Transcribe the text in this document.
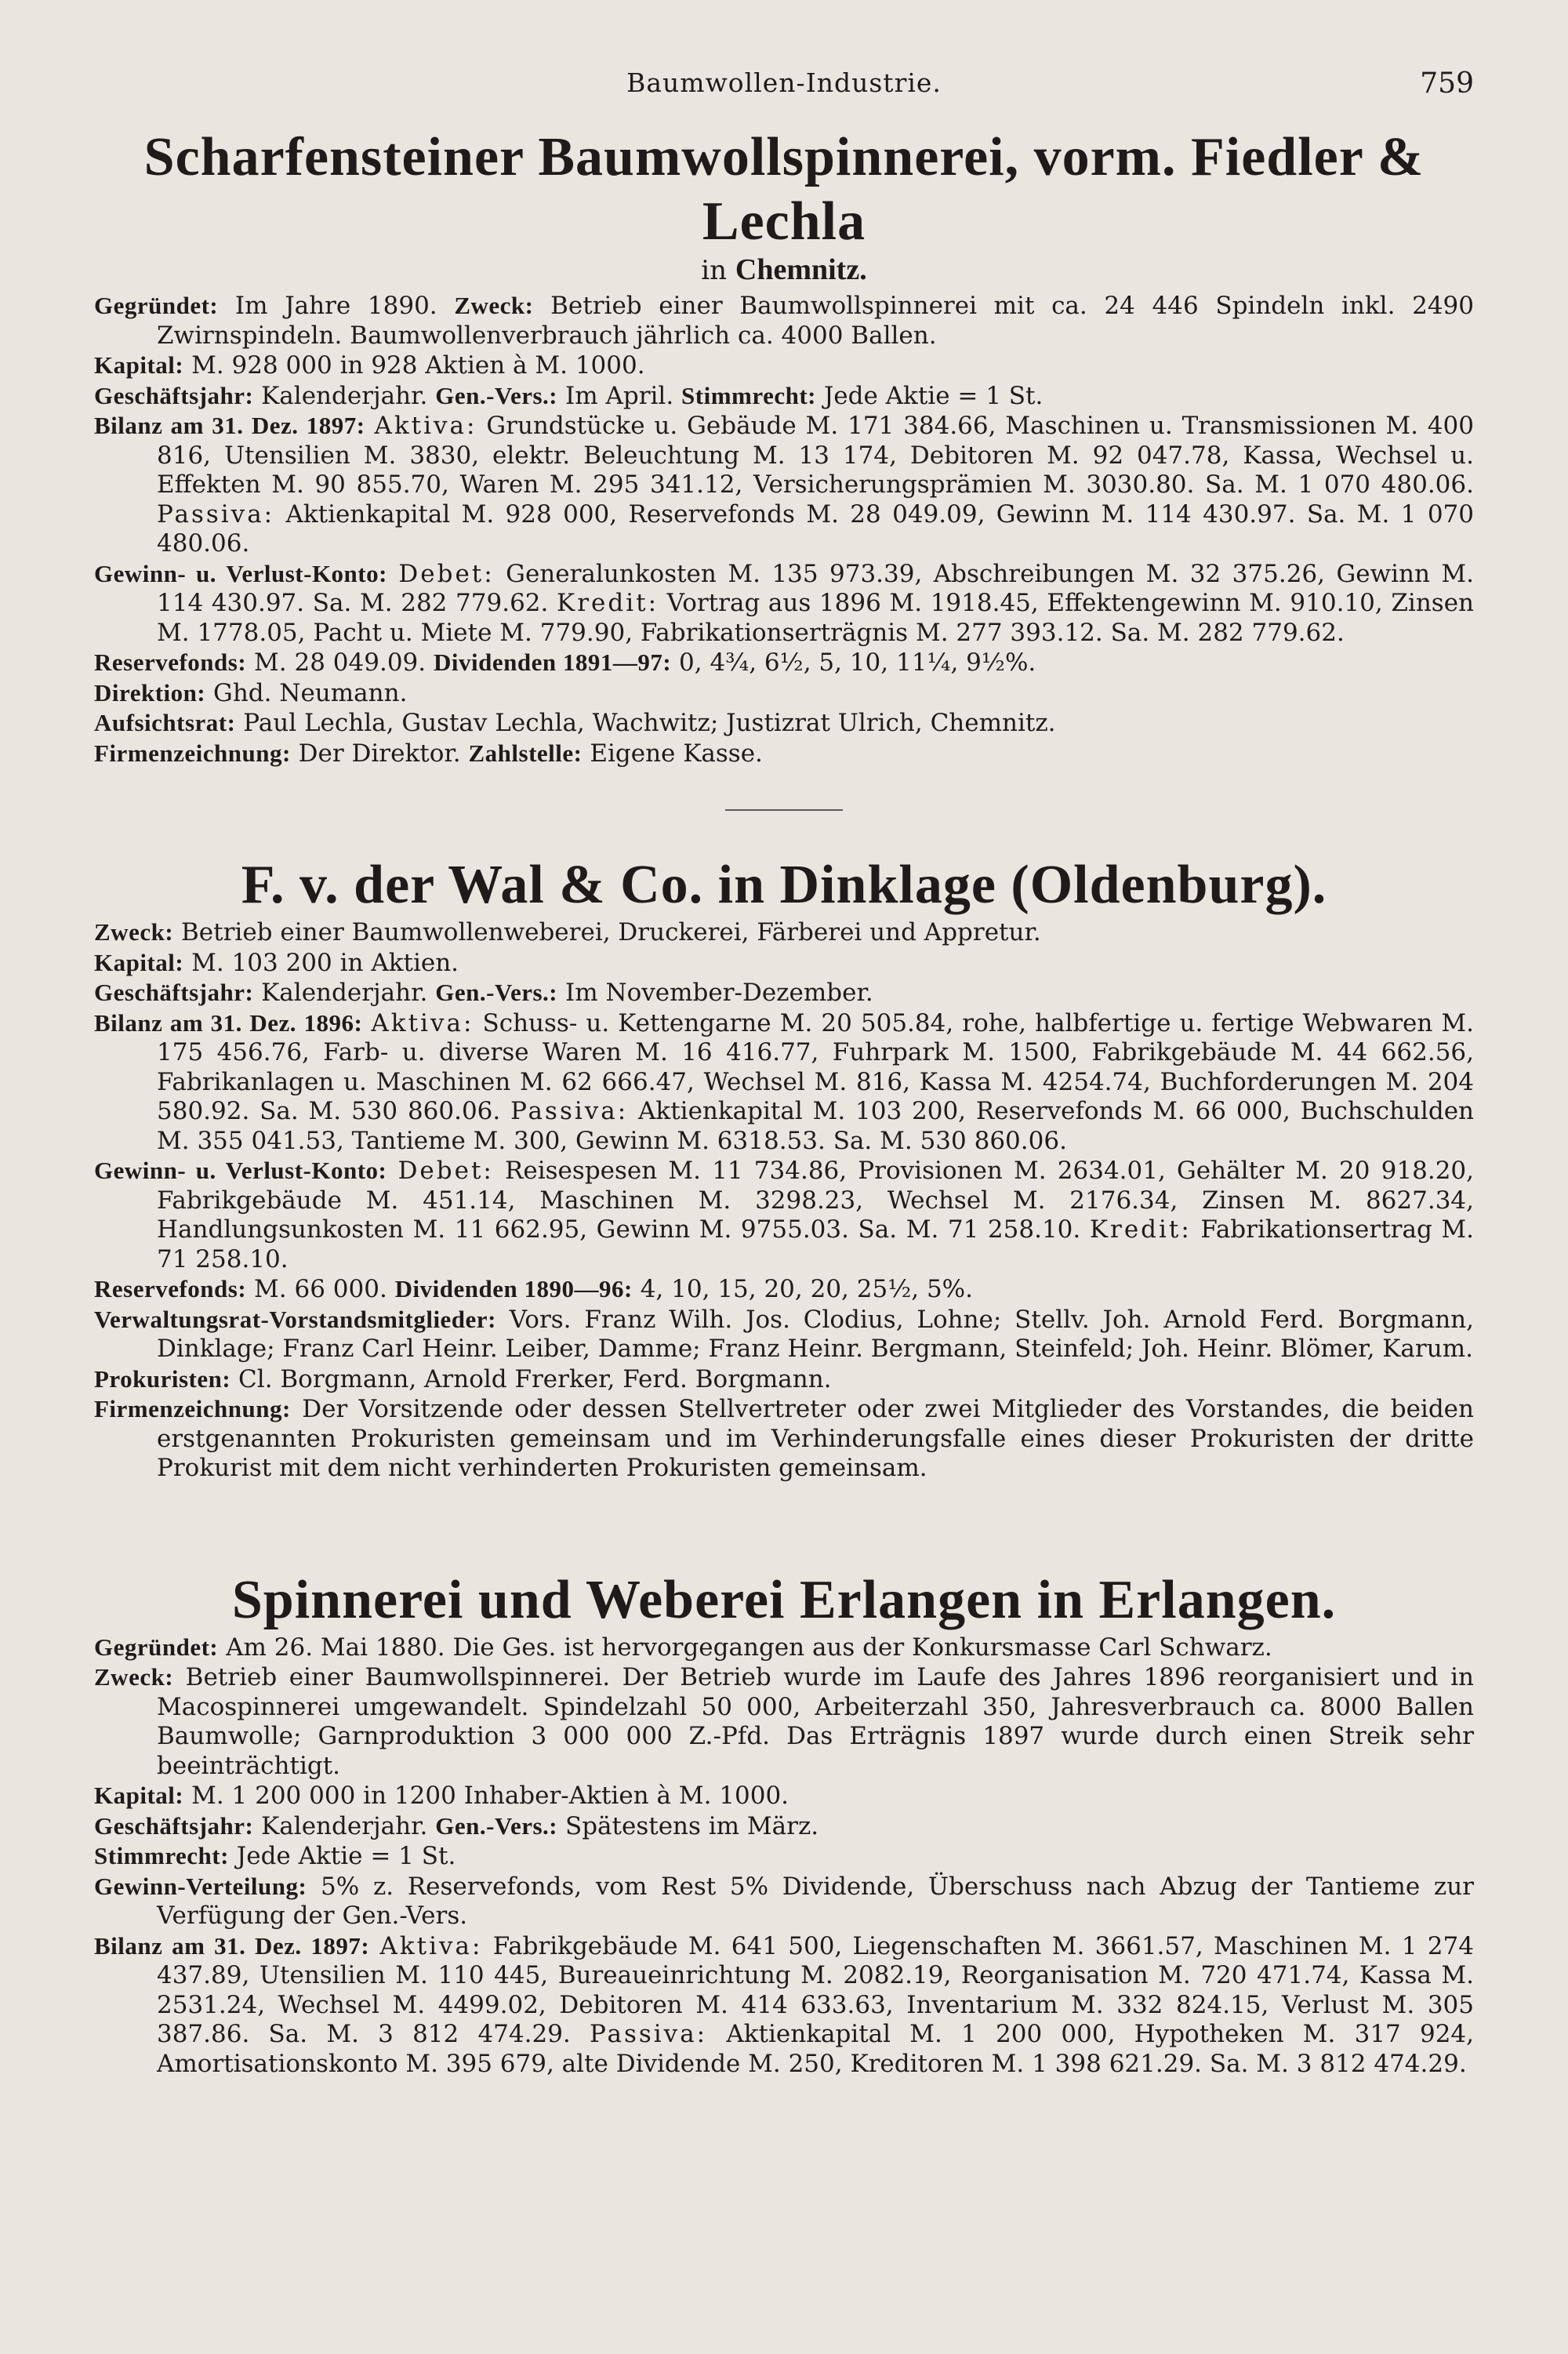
Baumwollen-Industrie.	759
Scharfensteiner Baumwollspinnerei, vorm. Fiedler & Lechla

in Chemnitz.

Gegründet: Im Jahre 1890. Zweck: Betrieb einer Baumwollspinnerei mit ca. 24 446 Spindeln inkl. 2490 Zwirnspindeln. Baumwollenverbrauch jährlich ca. 4000 Ballen.

Kapital: M. 928 000 in 928 Aktien à M. 1000.

Geschäftsjahr: Kalenderjahr. Gen.-Vers.: Im April. Stimmrecht: Jede Aktie = 1 St.

Bilanz am 31. Dez. 1897: Aktiva: Grundstücke u. Gebäude M. 171 384.66, Maschinen u. Transmissionen M. 400 816, Utensilien M. 3830, elektr. Beleuchtung M. 13 174, Debitoren M. 92 047.78, Kassa, Wechsel u. Effekten M. 90 855.70, Waren M. 295 341.12, Versicherungsprämien M. 3030.80. Sa. M. 1 070 480.06. Passiva: Aktienkapital M. 928 000, Reservefonds M. 28 049.09, Gewinn M. 114 430.97. Sa. M. 1 070 480.06.

Gewinn- u. Verlust-Konto: Debet: Generalunkosten M. 135 973.39, Abschreibungen M. 32 375.26, Gewinn M. 114 430.97. Sa. M. 282 779.62. Kredit: Vortrag aus 1896 M. 1918.45, Effektengewinn M. 910.10, Zinsen M. 1778.05, Pacht u. Miete M. 779.90, Fabrikationserträgnis M. 277 393.12. Sa. M. 282 779.62.

Reservefonds: M. 28 049.09. Dividenden 1891—97: 0, 4¾, 6½, 5, 10, 11¼, 9½%.

Direktion: Ghd. Neumann.

Aufsichtsrat: Paul Lechla, Gustav Lechla, Wachwitz; Justizrat Ulrich, Chemnitz.

Firmenzeichnung: Der Direktor. Zahlstelle: Eigene Kasse.

F. v. der Wal & Co. in Dinklage (Oldenburg).

Zweck: Betrieb einer Baumwollenweberei, Druckerei, Färberei und Appretur.

Kapital: M. 103 200 in Aktien.

Geschäftsjahr: Kalenderjahr. Gen.-Vers.: Im November-Dezember.

Bilanz am 31. Dez. 1896: Aktiva: Schuss- u. Kettengarne M. 20 505.84, rohe, halbfertige u. fertige Webwaren M. 175 456.76, Farb- u. diverse Waren M. 16 416.77, Fuhrpark M. 1500, Fabrikgebäude M. 44 662.56, Fabrikanlagen u. Maschinen M. 62 666.47, Wechsel M. 816, Kassa M. 4254.74, Buchforderungen M. 204 580.92. Sa. M. 530 860.06. Passiva: Aktienkapital M. 103 200, Reservefonds M. 66 000, Buchschulden M. 355 041.53, Tantieme M. 300, Gewinn M. 6318.53. Sa. M. 530 860.06.

Gewinn- u. Verlust-Konto: Debet: Reisespesen M. 11 734.86, Provisionen M. 2634.01, Gehälter M. 20 918.20, Fabrikgebäude M. 451.14, Maschinen M. 3298.23, Wechsel M. 2176.34, Zinsen M. 8627.34, Handlungsunkosten M. 11 662.95, Gewinn M. 9755.03. Sa. M. 71 258.10. Kredit: Fabrikationsertrag M. 71 258.10.

Reservefonds: M. 66 000. Dividenden 1890—96: 4, 10, 15, 20, 20, 25½, 5%.

Verwaltungsrat-Vorstandsmitglieder: Vors. Franz Wilh. Jos. Clodius, Lohne; Stellv. Joh. Arnold Ferd. Borgmann, Dinklage; Franz Carl Heinr. Leiber, Damme; Franz Heinr. Bergmann, Steinfeld; Joh. Heinr. Blömer, Karum.

Prokuristen: Cl. Borgmann, Arnold Frerker, Ferd. Borgmann.

Firmenzeichnung: Der Vorsitzende oder dessen Stellvertreter oder zwei Mitglieder des Vorstandes, die beiden erstgenannten Prokuristen gemeinsam und im Verhinderungsfalle eines dieser Prokuristen der dritte Prokurist mit dem nicht verhinderten Prokuristen gemeinsam.

Spinnerei und Weberei Erlangen in Erlangen.

Gegründet: Am 26. Mai 1880. Die Ges. ist hervorgegangen aus der Konkursmasse Carl Schwarz.

Zweck: Betrieb einer Baumwollspinnerei. Der Betrieb wurde im Laufe des Jahres 1896 reorganisiert und in Macospinnerei umgewandelt. Spindelzahl 50 000, Arbeiterzahl 350, Jahresverbrauch ca. 8000 Ballen Baumwolle; Garnproduktion 3 000 000 Z.-Pfd. Das Erträgnis 1897 wurde durch einen Streik sehr beeinträchtigt.

Kapital: M. 1 200 000 in 1200 Inhaber-Aktien à M. 1000.

Geschäftsjahr: Kalenderjahr. Gen.-Vers.: Spätestens im März.

Stimmrecht: Jede Aktie = 1 St.

Gewinn-Verteilung: 5% z. Reservefonds, vom Rest 5% Dividende, Überschuss nach Abzug der Tantieme zur Verfügung der Gen.-Vers.

Bilanz am 31. Dez. 1897: Aktiva: Fabrikgebäude M. 641 500, Liegenschaften M. 3661.57, Maschinen M. 1 274 437.89, Utensilien M. 110 445, Bureaueinrichtung M. 2082.19, Reorganisation M. 720 471.74, Kassa M. 2531.24, Wechsel M. 4499.02, Debitoren M. 414 633.63, Inventarium M. 332 824.15, Verlust M. 305 387.86. Sa. M. 3 812 474.29. Passiva: Aktienkapital M. 1 200 000, Hypotheken M. 317 924, Amortisationskonto M. 395 679, alte Dividende M. 250, Kreditoren M. 1 398 621.29. Sa. M. 3 812 474.29.
